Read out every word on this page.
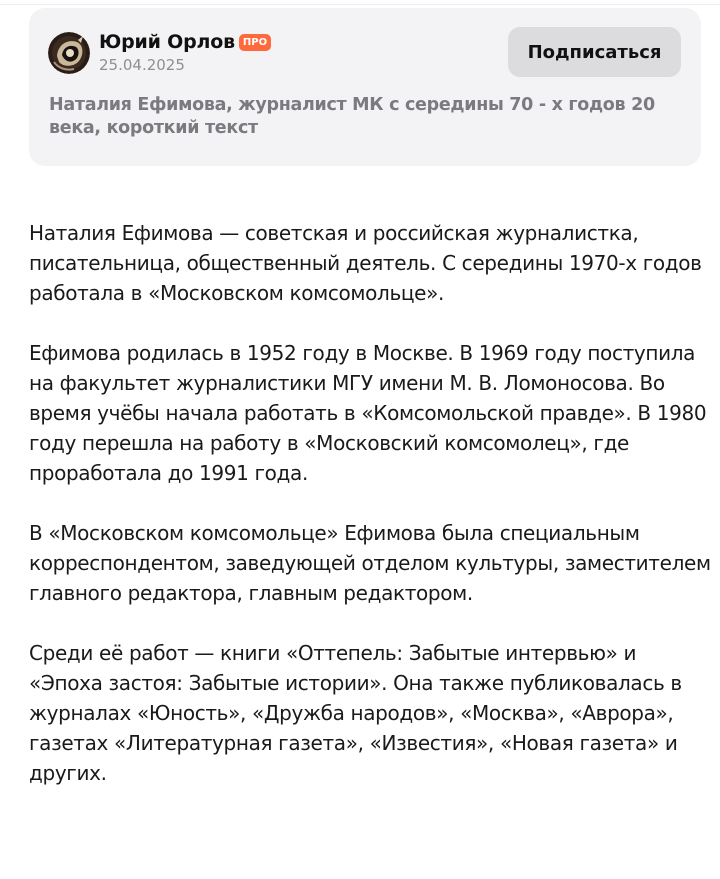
Юрий Орлов ПРО
25.04.2025
Подписаться

Наталия Ефимова, журналист МК с середины 70 - х годов 20 века, короткий текст

Наталия Ефимова — советская и российская журналистка, писательница, общественный деятель. С середины 1970-х годов работала в «Московском комсомольце».

Ефимова родилась в 1952 году в Москве. В 1969 году поступила на факультет журналистики МГУ имени М. В. Ломоносова. Во время учёбы начала работать в «Комсомольской правде». В 1980 году перешла на работу в «Московский комсомолец», где проработала до 1991 года.

В «Московском комсомольце» Ефимова была специальным корреспондентом, заведующей отделом культуры, заместителем главного редактора, главным редактором.

Среди её работ — книги «Оттепель: Забытые интервью» и «Эпоха застоя: Забытые истории». Она также публиковалась в журналах «Юность», «Дружба народов», «Москва», «Аврора», газетах «Литературная газета», «Известия», «Новая газета» и других.
